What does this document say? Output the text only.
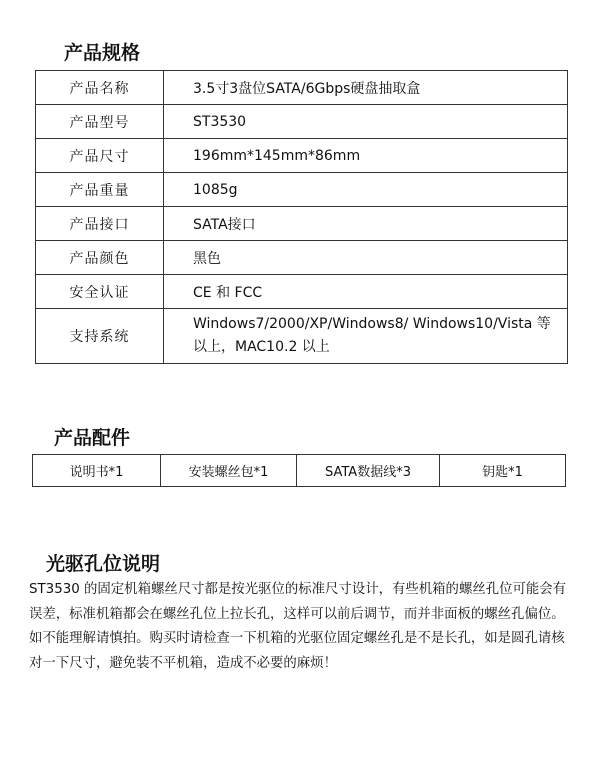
产品规格
产品名称	3.5寸3盘位SATA/6Gbps硬盘抽取盒
产品型号	ST3530
产品尺寸	196mm*145mm*86mm
产品重量	1085g
产品接口	SATA接口
产品颜色	黑色
安全认证	CE 和 FCC
支持系统	Windows7/2000/XP/Windows8/ Windows10/Vista 等以上，MAC10.2 以上
产品配件
说明书*1	安装螺丝包*1	SATA数据线*3	钥匙*1
光驱孔位说明

ST3530 的固定机箱螺丝尺寸都是按光驱位的标准尺寸设计，有些机箱的螺丝孔位可能会有误差，标准机箱都会在螺丝孔位上拉长孔，这样可以前后调节，而并非面板的螺丝孔偏位。如不能理解请慎拍。购买时请检查一下机箱的光驱位固定螺丝孔是不是长孔，如是圆孔请核对一下尺寸，避免装不平机箱，造成不必要的麻烦！
